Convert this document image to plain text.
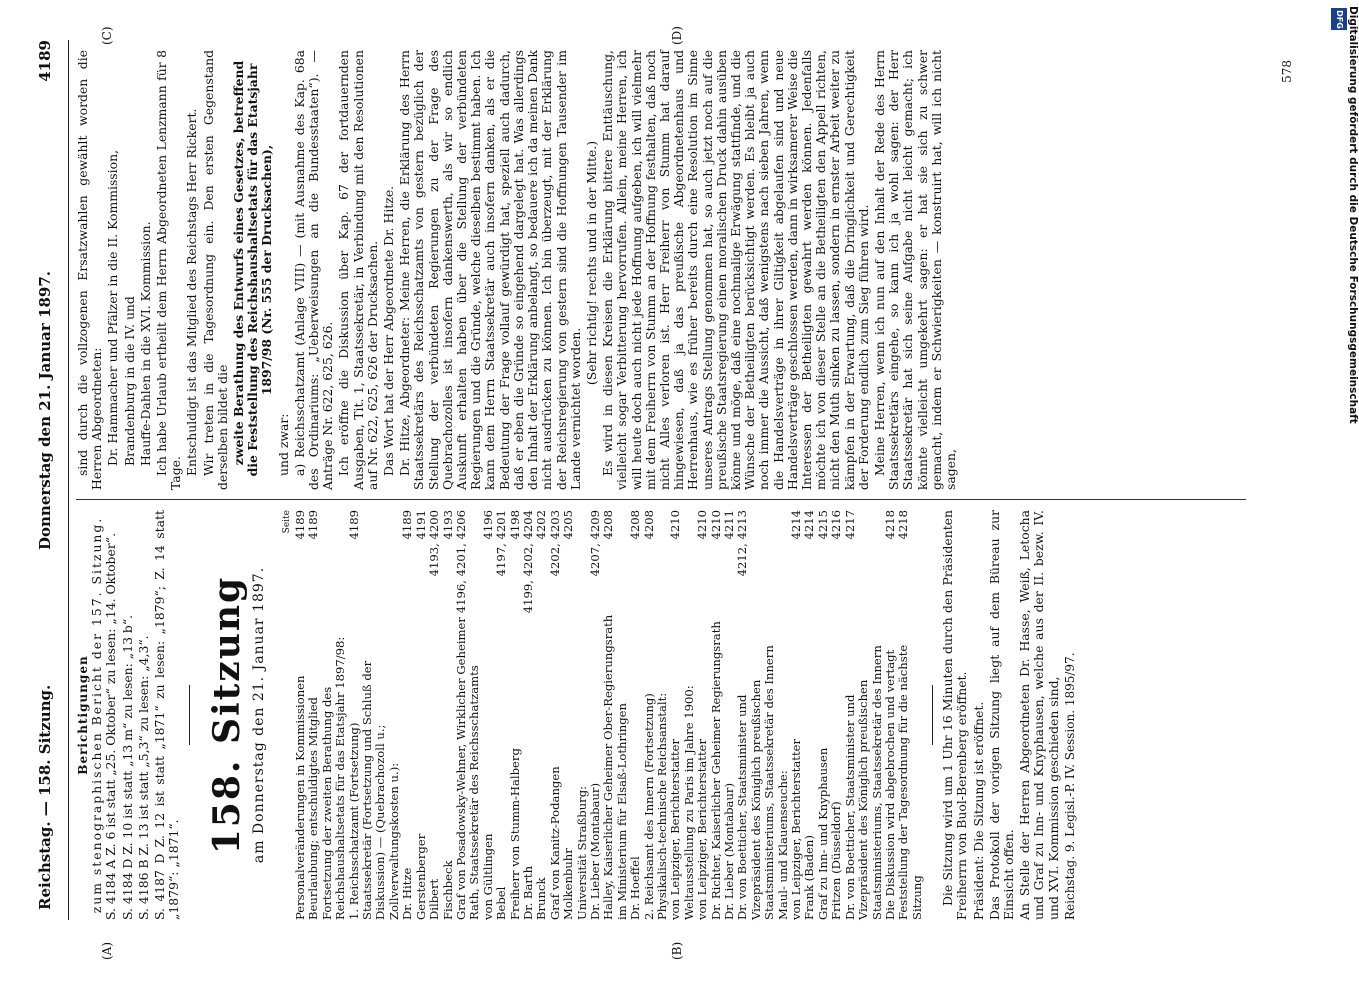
Reichstag. — 158. Sitzung.
Donnerstag den 21. Januar 1897.
4189
(A)	(B)
(C)	(D)
Berichtigungen zum stenographischen Bericht der 157. Sitzung. S. 4184 A Z. 6 ist statt „25. Oktober“ zu lesen: „14. Oktober“. S. 4184 D Z. 10 ist statt „13 m“ zu lesen: „13 b“. S. 4186 B Z. 13 ist statt „5,3“ zu lesen: „4,3“. S. 4187 D Z. 12 ist statt „1871“ zu lesen: „1879“; Z. 14 statt „1879“: „1871“.

158. Sitzung am Donnerstag den 21. Januar 1897.
	Seite
Personalveränderungen in Kommissionen	4189
Beurlaubung; entschuldigtes Mitglied	4189
Fortsetzung der zweiten Berathung des Reichshaushaltsetats für das Etatsjahr 1897/98:	
1. Reichsschatzamt (Fortsetzung)	4189
Staatssekretär (Fortsetzung und Schluß der Diskussion) — (Quebrachozoll u.; Zollverwaltungskosten u.):	
Dr. Hitze	4189
Gerstenberger	4191
Dilbert	4193, 4200
Fischbeck	4193
Graf von Posadowsky-Wehner, Wirklicher Geheimer Rath, Staatssekretär des Reichsschatzamts	4196, 4201, 4206
von Gültlingen	4196
Bebel	4197, 4201
Freiherr von Stumm-Halberg	4198
Dr. Barth	4199, 4202, 4204
Brunck	4202
Graf von Kanitz-Podangen	4202, 4203
Molkenbuhr	4205
Universität Straßburg:	
Dr. Lieber (Montabaur)	4207, 4209
Halley, Kaiserlicher Geheimer Ober-Regierungsrath im Ministerium für Elsaß-Lothringen	4208
Dr. Hoeffel	4208
2. Reichsamt des Innern (Fortsetzung)	4208
Physikalisch-technische Reichsanstalt:	
von Leipziger, Berichterstatter	4210
Weltausstellung zu Paris im Jahre 1900:	
von Leipziger, Berichterstatter	4210
Dr. Richter, Kaiserlicher Geheimer Regierungsrath	4210
Dr. Lieber (Montabaur)	4211
Dr. von Boetticher, Staatsminister und Vizepräsident des Königlich preußischen Staatsministeriums, Staatssekretär des Innern	4212, 4213
Maul- und Klauenseuche:	
von Leipziger, Berichterstatter	4214
Frank (Baden)	4214
Graf zu Inn- und Knyphausen	4215
Fritzen (Düsseldorf)	4216
Dr. von Boetticher, Staatsminister und Vizepräsident des Königlich preußischen Staatsministeriums, Staatssekretär des Innern	4217
Die Diskussion wird abgebrochen und vertagt	4218
Feststellung der Tagesordnung für die nächste Sitzung	4218 Die Sitzung wird um 1 Uhr 16 Minuten durch den Präsidenten Freiherrn von Buol-Berenberg eröffnet. Präsident: Die Sitzung ist eröffnet. Das Protokoll der vorigen Sitzung liegt auf dem Büreau zur Einsicht offen. An Stelle der Herren Abgeordneten Dr. Hasse, Weiß, Letocha und Graf zu Inn- und Knyphausen, welche aus der II. bezw. IV. und XVI. Kommission geschieden sind, Reichstag. 9. Legisl.-P. IV. Session. 1895/97.

sind durch die vollzogenen Ersatzwahlen gewählt worden die Herren Abgeordneten: Dr. Hammacher und Pfälzer in die II. Kommission, Brandenburg in die IV. und Hauffe-Dahlen in die XVI. Kommission. Ich habe Urlaub ertheilt dem Herrn Abgeordneten Lenzmann für 8 Tage. Entschuldigt ist das Mitglied des Reichstags Herr Rickert. Wir treten in die Tagesordnung ein. Den ersten Gegenstand derselben bildet die zweite Berathung des Entwurfs eines Gesetzes, betreffend die Feststellung des Reichshaushaltsetats für das Etatsjahr 1897/98 (Nr. 555 der Drucksachen),

und zwar: a) Reichsschatzamt (Anlage VIII) — (mit Ausnahme des Kap. 68a des Ordinariums: „Ueberweisungen an die Bundesstaaten“). — Anträge Nr. 622, 625, 626. Ich eröffne die Diskussion über Kap. 67 der fortdauernden Ausgaben, Tit. 1, Staatssekretär, in Verbindung mit den Resolutionen auf Nr. 622, 625, 626 der Drucksachen. Das Wort hat der Herr Abgeordnete Dr. Hitze. Dr. Hitze, Abgeordneter: Meine Herren, die Erklärung des Herrn Staatssekretärs des Reichsschatzamts von gestern bezüglich der Stellung der verbündeten Regierungen zu der Frage des Quebrachozolles ist insofern dankenswerth, als wir so endlich Auskunft erhalten haben über die Stellung der verbündeten Regierungen und die Gründe, welche dieselben bestimmt haben. Ich kann dem Herrn Staatssekretär auch insofern danken, als er die Bedeutung der Frage vollauf gewürdigt hat, speziell auch dadurch, daß er eben die Gründe so eingehend dargelegt hat. Was allerdings den Inhalt der Erklärung anbelangt, so bedauere ich da meinen Dank nicht ausdrücken zu können. Ich bin überzeugt, mit der Erklärung der Reichsregierung von gestern sind die Hoffnungen Tausender im Lande vernichtet worden.

(Sehr richtig! rechts und in der Mitte.) Es wird in diesen Kreisen die Erklärung bittere Enttäuschung, vielleicht sogar Verbitterung hervorrufen. Allein, meine Herren, ich will heute doch auch nicht jede Hoffnung aufgeben, ich will vielmehr mit dem Freiherrn von Stumm an der Hoffnung festhalten, daß noch nicht Alles verloren ist. Herr Freiherr von Stumm hat darauf hingewiesen, daß ja das preußische Abgeordnetenhaus und Herrenhaus, wie es früher bereits durch eine Resolution im Sinne unseres Antrags Stellung genommen hat, so auch jetzt noch auf die preußische Staatsregierung einen moralischen Druck dahin ausüben könne und möge, daß eine nochmalige Erwägung stattfinde, und die Wünsche der Betheiligten berücksichtigt werden. Es bleibt ja auch noch immer die Aussicht, daß wenigstens nach sieben Jahren, wenn die Handelsverträge in ihrer Giltigkeit abgelaufen sind und neue Handelsverträge geschlossen werden, dann in wirksamerer Weise die Interessen der Betheiligten gewahrt werden können. Jedenfalls möchte ich von dieser Stelle an die Betheiligten den Appell richten, nicht den Muth sinken zu lassen, sondern in ernster Arbeit weiter zu kämpfen in der Erwartung, daß die Dringlichkeit und Gerechtigkeit der Forderung endlich zum Sieg führen wird. Meine Herren, wenn ich nun auf den Inhalt der Rede des Herrn Staatssekretärs eingehe, so kann ich ja wohl sagen: der Herr Staatssekretär hat sich seine Aufgabe nicht leicht gemacht; ich könnte vielleicht umgekehrt sagen: er hat sie sich zu schwer gemacht, indem er Schwierigkeiten — konstruirt hat, will ich nicht sagen,

578	Digitalisierung gefördert durch die Deutsche Forschungsgemeinschaft
DFG
